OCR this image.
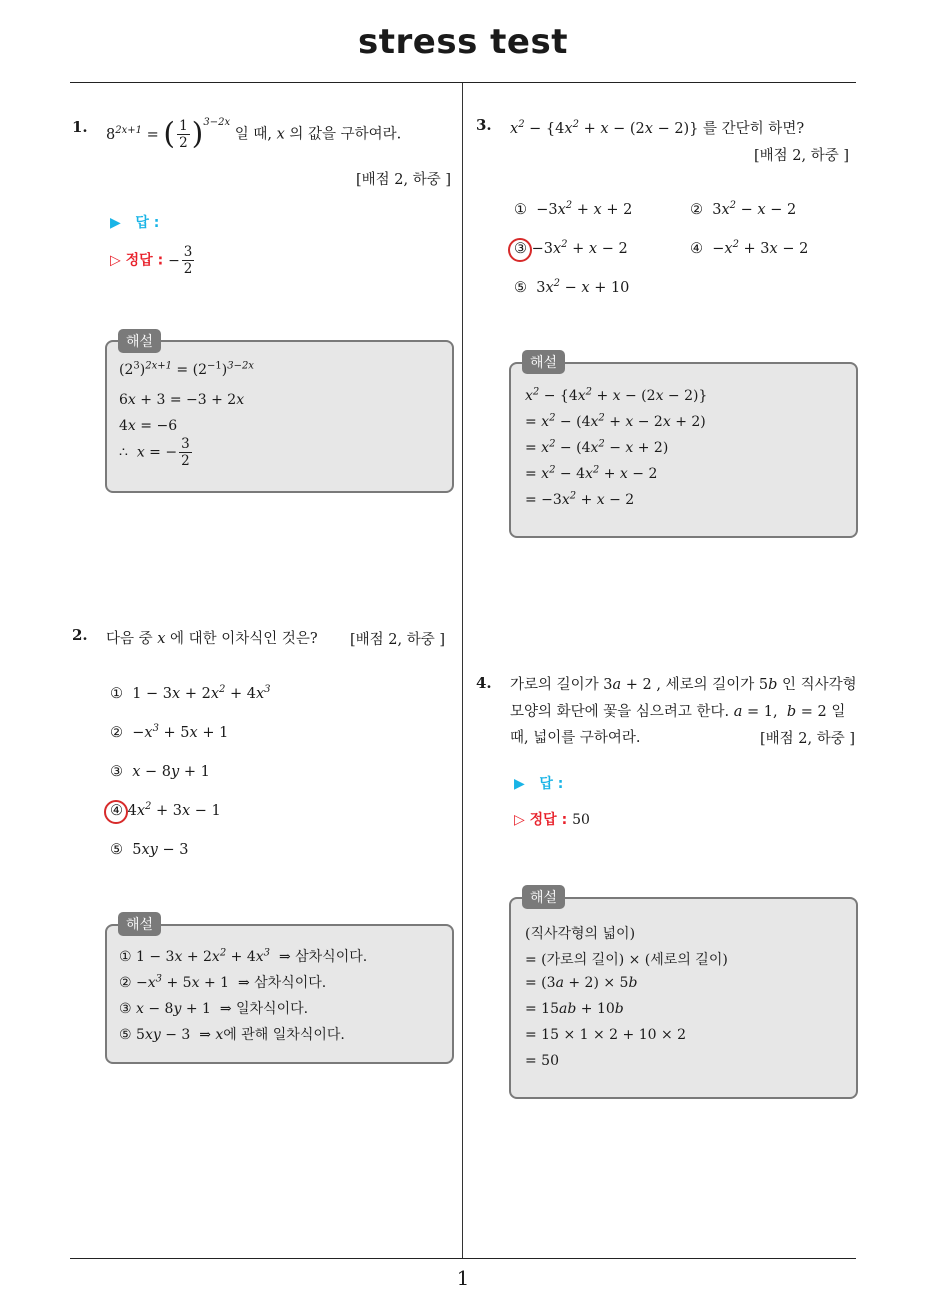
stress test
1
1. $8^{2x+1}$ = ( $\frac{1}{2} )^{3-2x}$ 일 때, x 의 값을 구하여라.
[배점 2, 하중 ]
▶ 답 :
▷ 정답 : − $\frac{3}{2}$
$(2^3)^{2x+1} = (2^{-1})^{3-2x}$
6x + 3 = −3 + 2x
4x = −6
∴  x = − $\frac{3}{2}$
해설
2. 다음 중 x 에 대한 이차식인 것은? [배점 2, 하중 ]
① $1 - 3x + 2x^2 + 4x^3$
② $-x^3 + 5x + 1$
③ x − 8y + 1
④ $4x^2 + 3x - 1$
⑤ 5xy − 3
① $1 - 3x + 2x^2 + 4x^3$ ⇒ 삼차식이다.
② $-x^3 + 5x + 1$ ⇒ 삼차식이다.
③ x − 8y + 1 ⇒ 일차식이다.
⑤ 5xy − 3 ⇒ x에 관해 일차식이다.
해설
3. $x^2 - \{4x^2 + x - (2x - 2)\}$ 를 간단히 하면?
[배점 2, 하중 ]
① $-3x^2 + x + 2$	② $3x^2 - x - 2$
③ $-3x^2 + x - 2$	④ $-x^2 + 3x - 2$
⑤ $3x^2 - x + 10$
$x^2 - \{4x^2 + x - (2x - 2)\}$
= $x^2 - (4x^2 + x - 2x + 2)$
= $x^2 - (4x^2 - x + 2)$
= $x^2 - 4x^2 + x - 2$
= $-3x^2 + x - 2$
해설
4. 가로의 길이가 3a + 2 , 세로의 길이가 5b 인 직사각형
모양의 화단에 꽃을 심으려고 한다. a = 1,  b = 2 일
때, 넓이를 구하여라.	[배점 2, 하중 ]
▶ 답 :
▷ 정답 : 50
(직사각형의 넓이)
= (가로의 길이) × (세로의 길이)
= (3a + 2) × 5b
= 15ab + 10b
= 15 × 1 × 2 + 10 × 2
= 50
해설
